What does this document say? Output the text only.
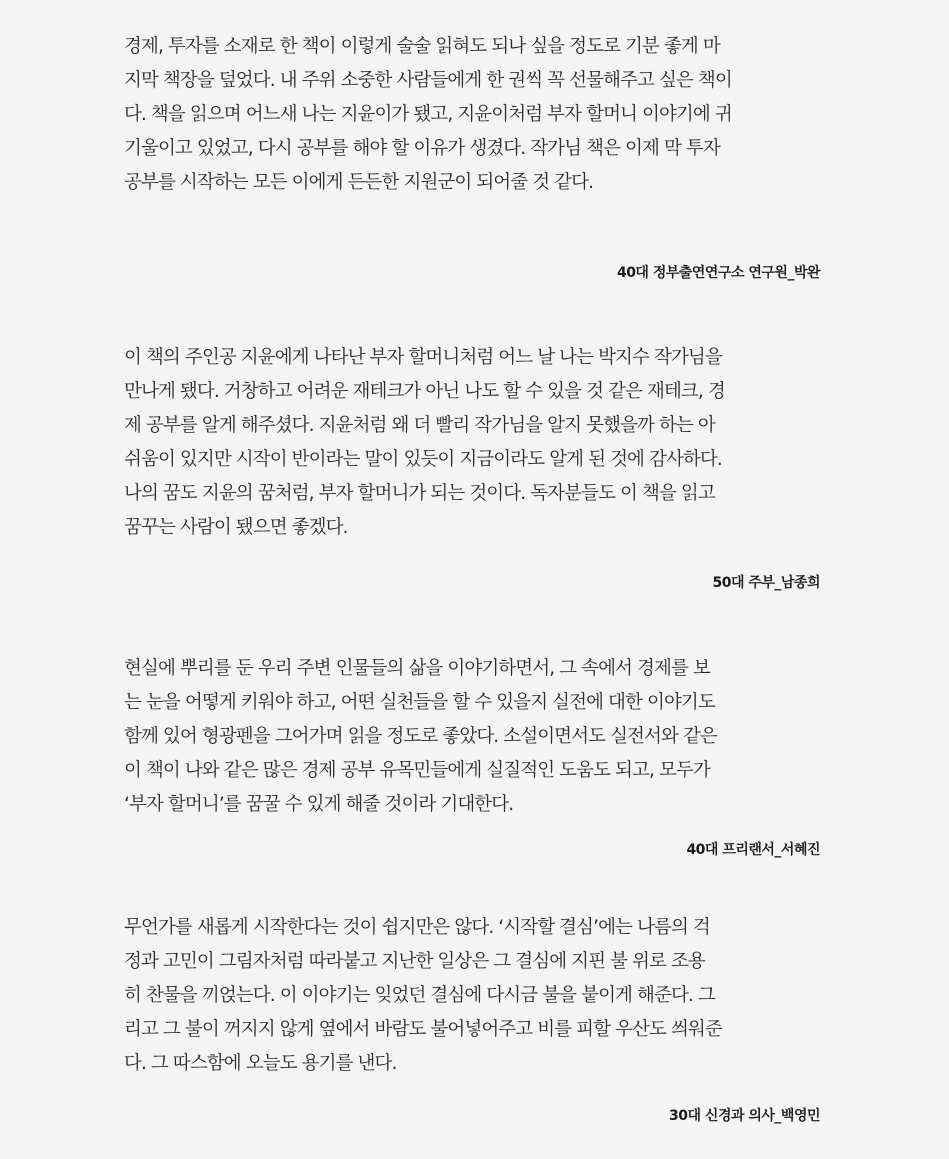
경제, 투자를 소재로 한 책이 이렇게 술술 읽혀도 되나 싶을 정도로 기분 좋게 마
지막 책장을 덮었다. 내 주위 소중한 사람들에게 한 권씩 꼭 선물해주고 싶은 책이
다. 책을 읽으며 어느새 나는 지윤이가 됐고, 지윤이처럼 부자 할머니 이야기에 귀
기울이고 있었고, 다시 공부를 해야 할 이유가 생겼다. 작가님 책은 이제 막 투자
공부를 시작하는 모든 이에게 든든한 지원군이 되어줄 것 같다.
40대 정부출연연구소 연구원_박완
이 책의 주인공 지윤에게 나타난 부자 할머니처럼 어느 날 나는 박지수 작가님을
만나게 됐다. 거창하고 어려운 재테크가 아닌 나도 할 수 있을 것 같은 재테크, 경
제 공부를 알게 해주셨다. 지윤처럼 왜 더 빨리 작가님을 알지 못했을까 하는 아
쉬움이 있지만 시작이 반이라는 말이 있듯이 지금이라도 알게 된 것에 감사하다.
나의 꿈도 지윤의 꿈처럼, 부자 할머니가 되는 것이다. 독자분들도 이 책을 읽고
꿈꾸는 사람이 됐으면 좋겠다.
50대 주부_남종희
현실에 뿌리를 둔 우리 주변 인물들의 삶을 이야기하면서, 그 속에서 경제를 보
는 눈을 어떻게 키워야 하고, 어떤 실천들을 할 수 있을지 실전에 대한 이야기도
함께 있어 형광펜을 그어가며 읽을 정도로 좋았다. 소설이면서도 실전서와 같은
이 책이 나와 같은 많은 경제 공부 유목민들에게 실질적인 도움도 되고, 모두가
‘부자 할머니’를 꿈꿀 수 있게 해줄 것이라 기대한다.
40대 프리랜서_서혜진
무언가를 새롭게 시작한다는 것이 쉽지만은 않다. ‘시작할 결심’에는 나름의 걱
정과 고민이 그림자처럼 따라붙고 지난한 일상은 그 결심에 지핀 불 위로 조용
히 찬물을 끼얹는다. 이 이야기는 잊었던 결심에 다시금 불을 붙이게 해준다. 그
리고 그 불이 꺼지지 않게 옆에서 바람도 불어넣어주고 비를 피할 우산도 씌워준
다. 그 따스함에 오늘도 용기를 낸다.
30대 신경과 의사_백영민
